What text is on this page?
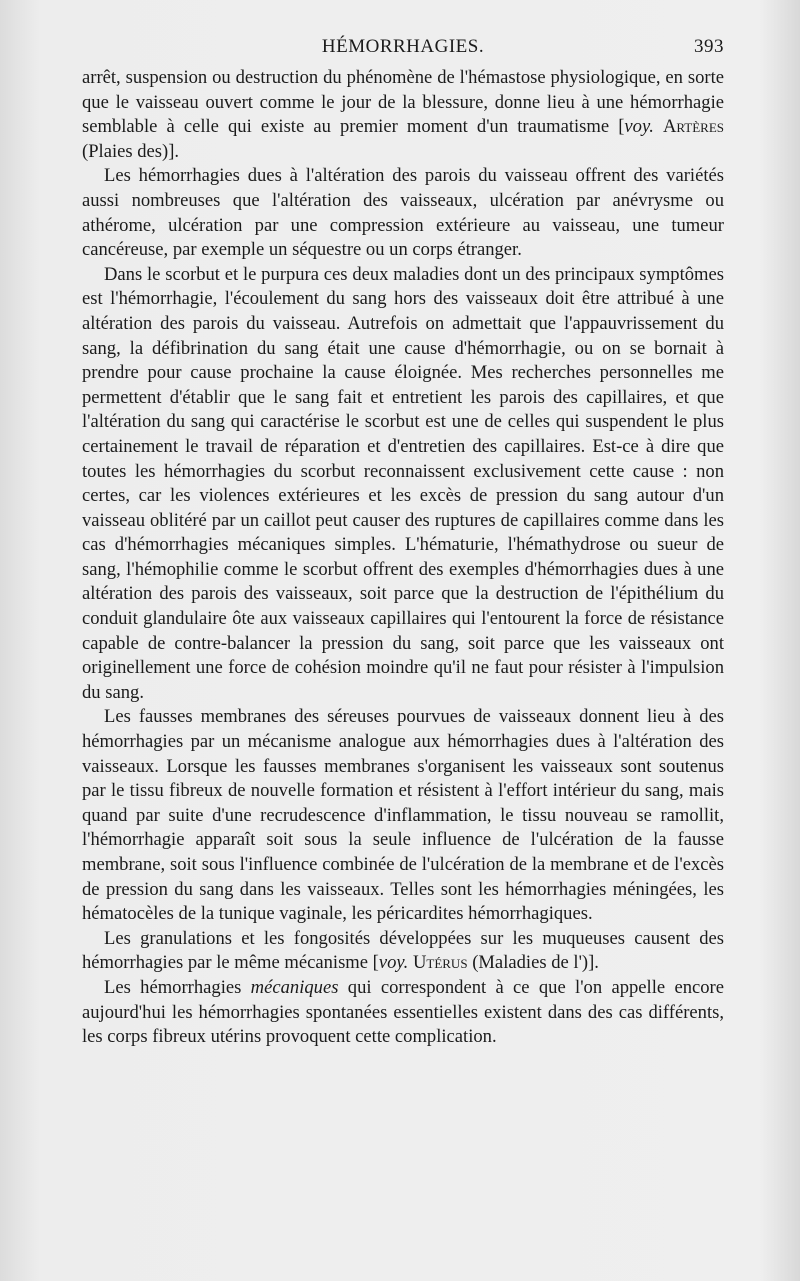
HÉMORRHAGIES.	393

arrêt, suspension ou destruction du phénomène de l'hémastose physiologique, en sorte que le vaisseau ouvert comme le jour de la blessure, donne lieu à une hémorrhagie semblable à celle qui existe au premier moment d'un traumatisme [voy. Artères (Plaies des)].

Les hémorrhagies dues à l'altération des parois du vaisseau offrent des variétés aussi nombreuses que l'altération des vaisseaux, ulcération par anévrysme ou athérome, ulcération par une compression extérieure au vaisseau, une tumeur cancéreuse, par exemple un séquestre ou un corps étranger.

Dans le scorbut et le purpura ces deux maladies dont un des principaux symptômes est l'hémorrhagie, l'écoulement du sang hors des vaisseaux doit être attribué à une altération des parois du vaisseau. Autrefois on admettait que l'appauvrissement du sang, la défibrination du sang était une cause d'hémorrhagie, ou on se bornait à prendre pour cause prochaine la cause éloignée. Mes recherches personnelles me permettent d'établir que le sang fait et entretient les parois des capillaires, et que l'altération du sang qui caractérise le scorbut est une de celles qui suspendent le plus certainement le travail de réparation et d'entretien des capillaires. Est-ce à dire que toutes les hémorrhagies du scorbut reconnaissent exclusivement cette cause : non certes, car les violences extérieures et les excès de pression du sang autour d'un vaisseau oblitéré par un caillot peut causer des ruptures de capillaires comme dans les cas d'hémorrhagies mécaniques simples. L'hématurie, l'hémathydrose ou sueur de sang, l'hémophilie comme le scorbut offrent des exemples d'hémorrhagies dues à une altération des parois des vaisseaux, soit parce que la destruction de l'épithélium du conduit glandulaire ôte aux vaisseaux capillaires qui l'entourent la force de résistance capable de contre-balancer la pression du sang, soit parce que les vaisseaux ont originellement une force de cohésion moindre qu'il ne faut pour résister à l'impulsion du sang.

Les fausses membranes des séreuses pourvues de vaisseaux donnent lieu à des hémorrhagies par un mécanisme analogue aux hémorrhagies dues à l'altération des vaisseaux. Lorsque les fausses membranes s'organisent les vaisseaux sont soutenus par le tissu fibreux de nouvelle formation et résistent à l'effort intérieur du sang, mais quand par suite d'une recrudescence d'inflammation, le tissu nouveau se ramollit, l'hémorrhagie apparaît soit sous la seule influence de l'ulcération de la fausse membrane, soit sous l'influence combinée de l'ulcération de la membrane et de l'excès de pression du sang dans les vaisseaux. Telles sont les hémorrhagies méningées, les hématocèles de la tunique vaginale, les péricardites hémorrhagiques.

Les granulations et les fongosités développées sur les muqueuses causent des hémorrhagies par le même mécanisme [voy. Utérus (Maladies de l')].

Les hémorrhagies mécaniques qui correspondent à ce que l'on appelle encore aujourd'hui les hémorrhagies spontanées essentielles existent dans des cas différents, les corps fibreux utérins provoquent cette complication.
